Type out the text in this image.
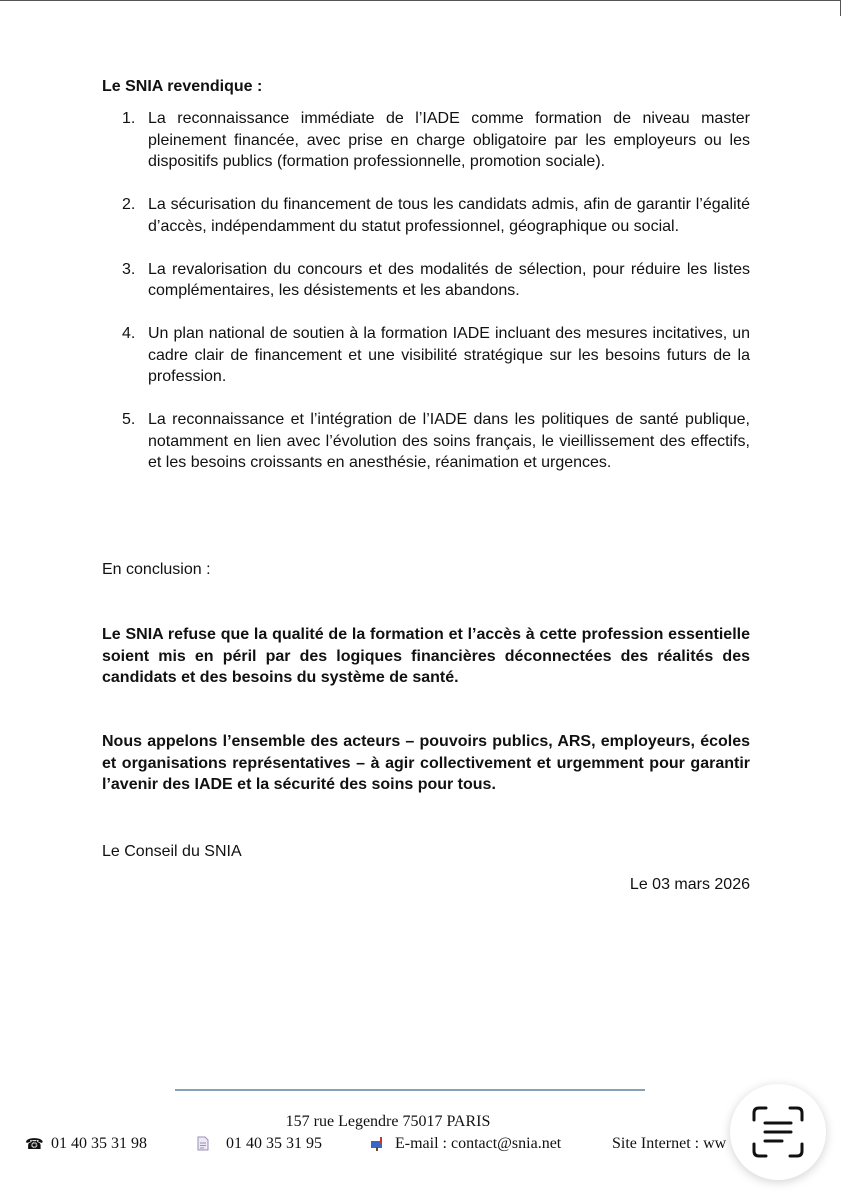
Le SNIA revendique :
1. La reconnaissance immédiate de l’IADE comme formation de niveau master pleinement financée, avec prise en charge obligatoire par les employeurs ou les dispositifs publics (formation professionnelle, promotion sociale).
2. La sécurisation du financement de tous les candidats admis, afin de garantir l’égalité d’accès, indépendamment du statut professionnel, géographique ou social.
3. La revalorisation du concours et des modalités de sélection, pour réduire les listes complémentaires, les désistements et les abandons.
4. Un plan national de soutien à la formation IADE incluant des mesures incitatives, un cadre clair de financement et une visibilité stratégique sur les besoins futurs de la profession.
5. La reconnaissance et l’intégration de l’IADE dans les politiques de santé publique, notamment en lien avec l’évolution des soins français, le vieillissement des effectifs, et les besoins croissants en anesthésie, réanimation et urgences.
En conclusion :
Le SNIA refuse que la qualité de la formation et l’accès à cette profession essentielle soient mis en péril par des logiques financières déconnectées des réalités des candidats et des besoins du système de santé.
Nous appelons l’ensemble des acteurs – pouvoirs publics, ARS, employeurs, écoles et organisations représentatives – à agir collectivement et urgemment pour garantir l’avenir des IADE et la sécurité des soins pour tous.
Le Conseil du SNIA
Le 03 mars 2026
157 rue Legendre 75017 PARIS
☎ 01 40 35 31 98	01 40 35 31 95	E-mail : contact@snia.net	Site Internet : ww
